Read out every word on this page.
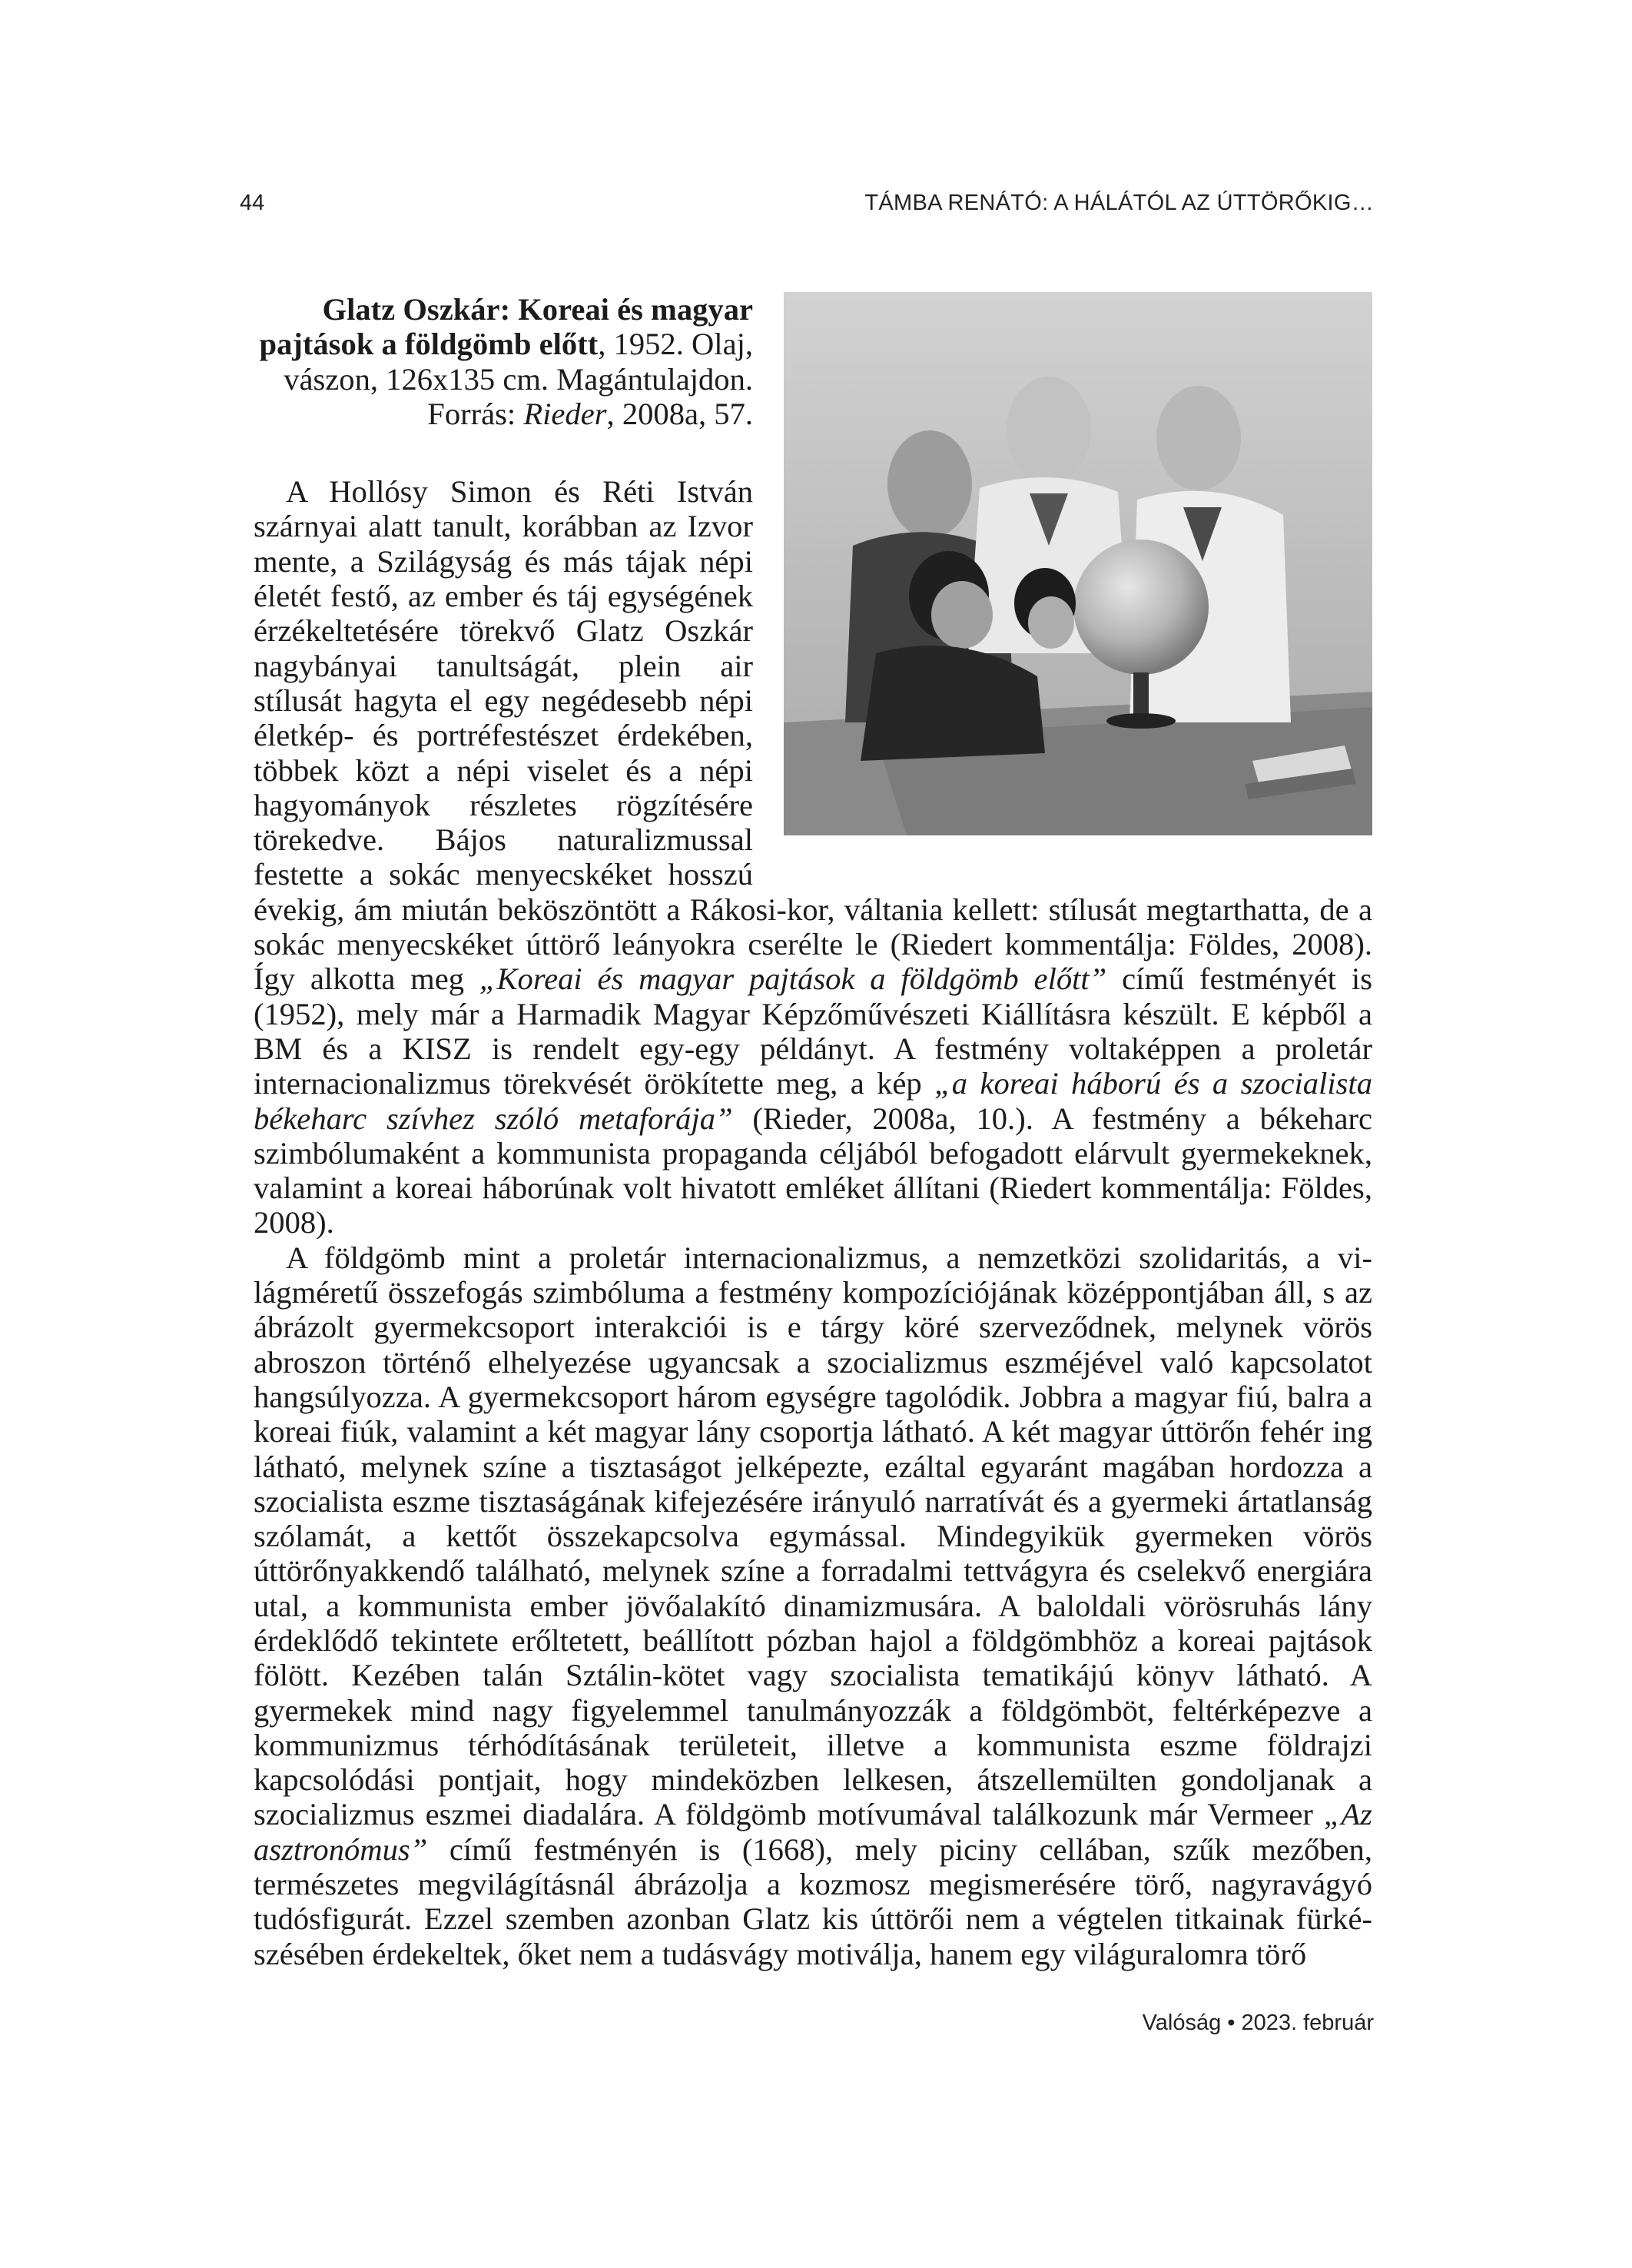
44	TÁMBA RENÁTÓ: A HÁLÁTÓL AZ ÚTTÖRŐKIG…
Glatz Oszkár: Koreai és magyar pajtások a földgömb előtt, 1952. Olaj, vászon, 126x135 cm. Magántulajdon. Forrás: Rieder, 2008a, 57.

A Hollósy Simon és Réti István szárnyai alatt tanult, korábban az Izvor mente, a Szilágyság és más tájak népi életét festő, az ember és táj egységének érzékeltetésére törekvő Glatz Oszkár nagybányai tanultságát, plein air stílusát hagyta el egy negédesebb népi életkép- és portréfestészet érdekében, többek közt a népi viselet és a népi hagyományok részletes rögzítésére törekedve. Bájos naturalizmussal festette a sokác menyecskéket hosszú évekig, ám miután beköszöntött a Rákosi-kor, váltania kellett: stílusát megtarthatta, de a sokác menyecskéket úttörő leányokra cserélte le (Riedert kommentálja: Földes, 2008). Így alkotta meg „Koreai és magyar pajtások a földgömb előtt” című festményét is (1952), mely már a Harmadik Magyar Képzőművészeti Kiállításra készült. E képből a BM és a KISZ is rendelt egy-egy példányt. A festmény voltaképpen a proletár internacionalizmus törekvését örökítette meg, a kép „a koreai háború és a szocialista békeharc szívhez szóló metaforája” (Rieder, 2008a, 10.). A festmény a békeharc szimbólumaként a kommunista propaganda céljából befogadott elárvult gyermekeknek, valamint a koreai háborúnak volt hivatott emléket állítani (Riedert kommentálja: Földes, 2008).

A földgömb mint a proletár internacionalizmus, a nemzetközi szolidaritás, a világméretű összefogás szimbóluma a festmény kompozíciójának középpontjában áll, s az ábrázolt gyermekcsoport interakciói is e tárgy köré szerveződnek, melynek vörös abroszon történő elhelyezése ugyancsak a szocializmus eszméjével való kapcsolatot hangsúlyozza. A gyermekcsoport három egységre tagolódik. Jobbra a magyar fiú, balra a koreai fiúk, valamint a két magyar lány csoportja látható. A két magyar úttörőn fehér ing látható, melynek színe a tisztaságot jelképezte, ezáltal egyaránt magában hordozza a szocialista eszme tisztaságának kifejezésére irányuló narratívát és a gyermeki ártatlanság szólamát, a kettőt összekapcsolva egymással. Mindegyikük gyermeken vörös úttörőnyakkendő található, melynek színe a forradalmi tettvágyra és cselekvő energiára utal, a kommunista ember jövőalakító dinamizmusára. A baloldali vörösruhás lány érdeklődő tekintete erőltetett, beállított pózban hajol a földgömbhöz a koreai pajtások fölött. Kezében talán Sztálin-kötet vagy szocialista tematikájú könyv látható. A gyermekek mind nagy figyelemmel tanulmányozzák a földgömböt, feltérképezve a kommunizmus térhódításának területeit, illetve a kommunista eszme földrajzi kapcsolódási pontjait, hogy mindeközben lelkesen, átszellemülten gondoljanak a szocializmus eszmei diadalára. A földgömb motívumával találkozunk már Vermeer „Az asztronómus” című festményén is (1668), mely piciny cellában, szűk mezőben, természetes megvilágításnál ábrázolja a kozmosz megismerésére törő, nagyravágyó tudósfigurát. Ezzel szemben azonban Glatz kis úttörői nem a végtelen titkainak fürkészésében érdekeltek, őket nem a tudásvágy motiválja, hanem egy világuralomra törő

Valóság • 2023. február
